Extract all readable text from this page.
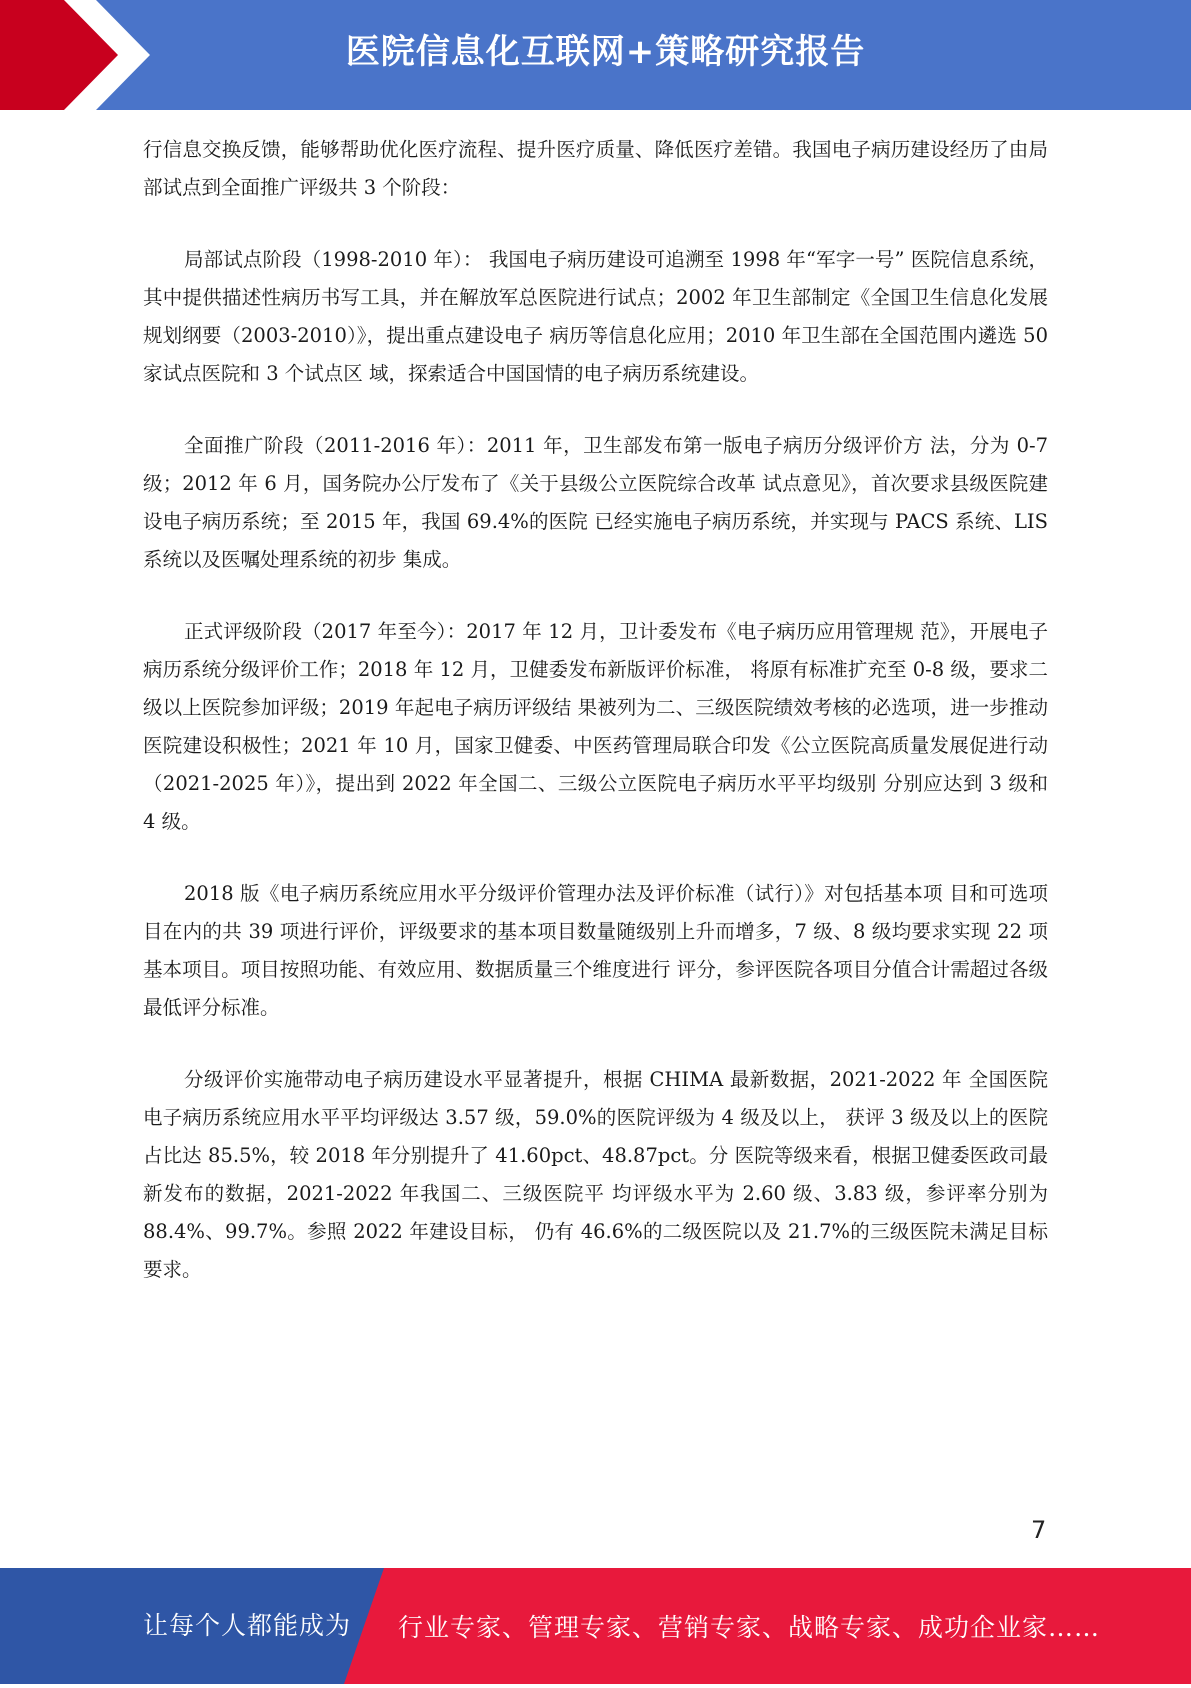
医院信息化互联网+策略研究报告

行信息交换反馈，能够帮助优化医疗流程、提升医疗质量、降低医疗差错。我国电子病历建设经历了由局部试点到全面推广评级共 3 个阶段：

局部试点阶段（1998-2010 年）： 我国电子病历建设可追溯至 1998 年“军字一号” 医院信息系统，其中提供描述性病历书写工具，并在解放军总医院进行试点；2002 年卫生部制定《全国卫生信息化发展规划纲要（2003-2010）》，提出重点建设电子 病历等信息化应用；2010 年卫生部在全国范围内遴选 50 家试点医院和 3 个试点区 域，探索适合中国国情的电子病历系统建设。

全面推广阶段（2011-2016 年）：2011 年，卫生部发布第一版电子病历分级评价方 法，分为 0-7 级；2012 年 6 月，国务院办公厅发布了《关于县级公立医院综合改革 试点意见》，首次要求县级医院建设电子病历系统；至 2015 年，我国 69.4%的医院 已经实施电子病历系统，并实现与 PACS 系统、LIS 系统以及医嘱处理系统的初步 集成。

正式评级阶段（2017 年至今）：2017 年 12 月，卫计委发布《电子病历应用管理规 范》，开展电子病历系统分级评价工作；2018 年 12 月，卫健委发布新版评价标准， 将原有标准扩充至 0-8 级，要求二级以上医院参加评级；2019 年起电子病历评级结 果被列为二、三级医院绩效考核的必选项，进一步推动医院建设积极性；2021 年 10 月，国家卫健委、中医药管理局联合印发《公立医院高质量发展促进行动 （2021-2025 年）》，提出到 2022 年全国二、三级公立医院电子病历水平平均级别 分别应达到 3 级和 4 级。

2018 版《电子病历系统应用水平分级评价管理办法及评价标准（试行）》对包括基本项 目和可选项目在内的共 39 项进行评价，评级要求的基本项目数量随级别上升而增多，7 级、8 级均要求实现 22 项基本项目。项目按照功能、有效应用、数据质量三个维度进行 评分，参评医院各项目分值合计需超过各级最低评分标准。

分级评价实施带动电子病历建设水平显著提升，根据 CHIMA 最新数据，2021-2022 年 全国医院电子病历系统应用水平平均评级达 3.57 级，59.0%的医院评级为 4 级及以上， 获评 3 级及以上的医院占比达 85.5%，较 2018 年分别提升了 41.60pct、48.87pct。分 医院等级来看，根据卫健委医政司最新发布的数据，2021-2022 年我国二、三级医院平 均评级水平为 2.60 级、3.83 级，参评率分别为 88.4%、99.7%。参照 2022 年建设目标， 仍有 46.6%的二级医院以及 21.7%的三级医院未满足目标要求。

7
让每个人都能成为 行业专家、管理专家、营销专家、战略专家、成功企业家……
